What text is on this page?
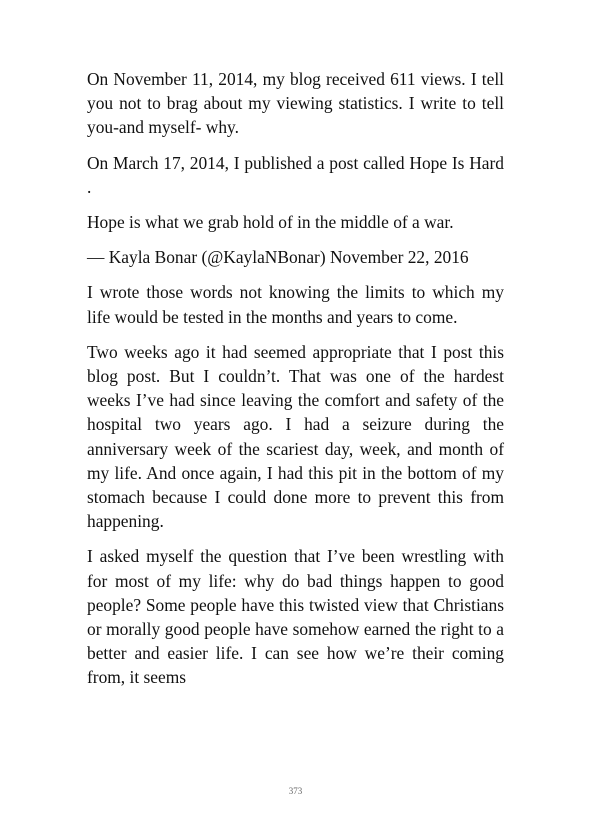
On November 11, 2014, my blog received 611 views. I tell you not to brag about my viewing statistics. I write to tell you-and myself- why.

On March 17, 2014, I published a post called Hope Is Hard .

Hope is what we grab hold of in the middle of a war.

— Kayla Bonar (@KaylaNBonar) November 22, 2016

I wrote those words not knowing the limits to which my life would be tested in the months and years to come.

Two weeks ago it had seemed appropriate that I post this blog post. But I couldn’t. That was one of the hardest weeks I’ve had since leaving the comfort and safety of the hospital two years ago. I had a seizure during the anniversary week of the scariest day, week, and month of my life. And once again, I had this pit in the bottom of my stomach because I could done more to prevent this from happening.

I asked myself the question that I’ve been wrestling with for most of my life: why do bad things happen to good people? Some people have this twisted view that Christians or morally good people have somehow earned the right to a better and easier life. I can see how we’re their coming from, it seems

373
